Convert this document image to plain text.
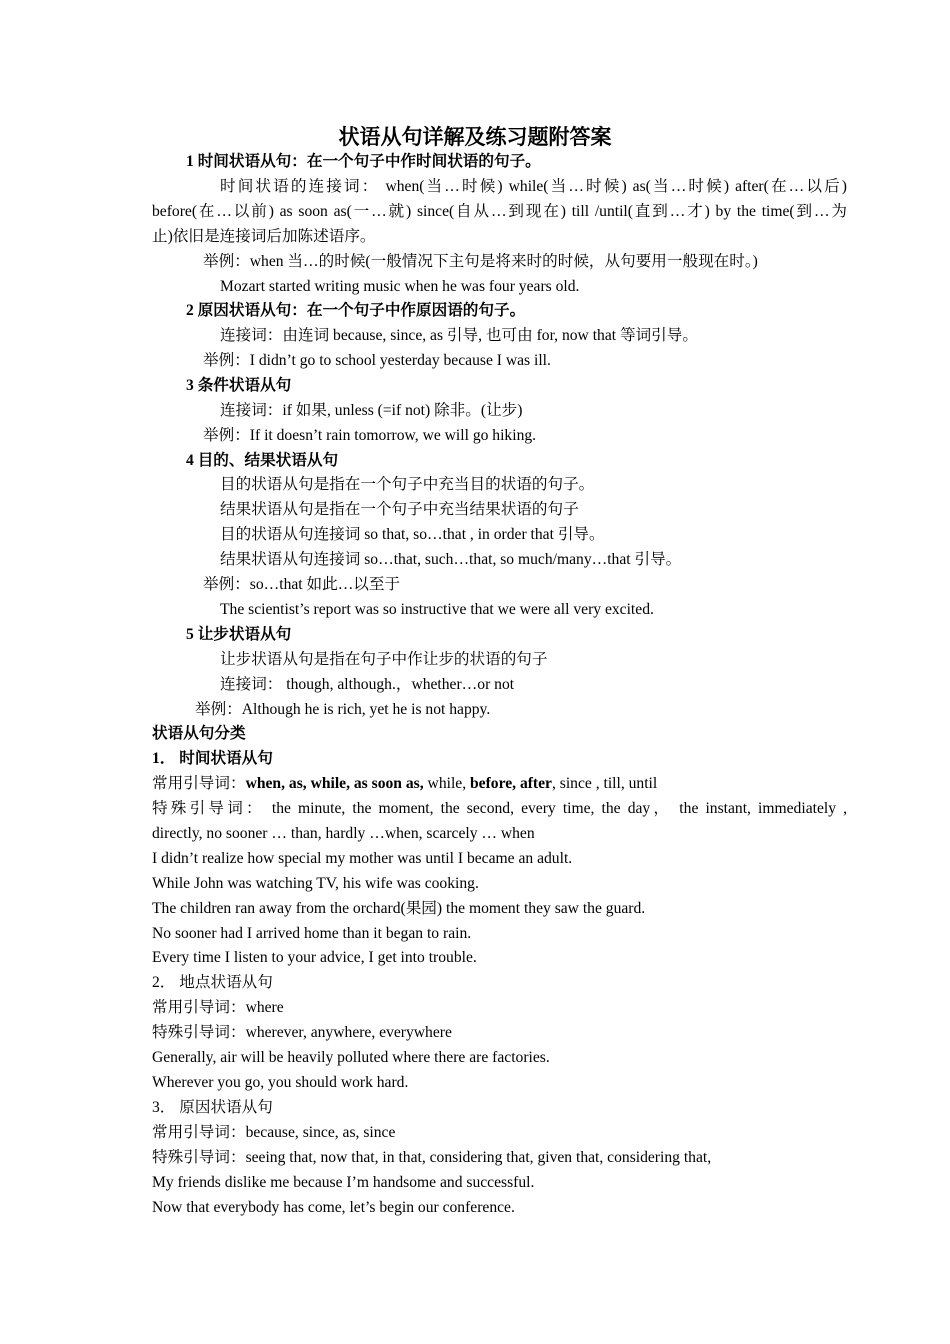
状语从句详解及练习题附答案
1 时间状语从句：在一个句子中作时间状语的句子。
时间状语的连接词： when(当…时候) while(当…时候) as(当…时候) after(在…以后)
before(在…以前) as soon as(一…就) since(自从…到现在) till /until(直到…才) by the time(到…为
止)依旧是连接词后加陈述语序。
举例：when 当…的时候(一般情况下主句是将来时的时候，从句要用一般现在时。)
Mozart started writing music when he was four years old.
2 原因状语从句：在一个句子中作原因语的句子。
连接词：由连词 because, since, as 引导, 也可由 for, now that 等词引导。
举例：I didn’t go to school yesterday because I was ill.
3 条件状语从句
连接词：if 如果, unless (=if not) 除非。(让步)
举例：If it doesn’t rain tomorrow, we will go hiking.
4 目的、结果状语从句
目的状语从句是指在一个句子中充当目的状语的句子。
结果状语从句是指在一个句子中充当结果状语的句子
目的状语从句连接词 so that, so…that , in order that 引导。
结果状语从句连接词 so…that, such…that, so much/many…that 引导。
举例：so…that 如此…以至于
The scientist’s report was so instructive that we were all very excited.
5 让步状语从句
让步状语从句是指在句子中作让步的状语的句子
连接词： though, although.，whether…or not
举例：Although he is rich, yet he is not happy.
状语从句分类
1． 时间状语从句
常用引导词：when, as, while, as soon as, while, before, after, since , till, until
特殊引导词： the minute, the moment, the second, every time, the day， the instant, immediately ,
directly, no sooner … than, hardly …when, scarcely … when
I didn’t realize how special my mother was until I became an adult.
While John was watching TV, his wife was cooking.
The children ran away from the orchard(果园) the moment they saw the guard.
No sooner had I arrived home than it began to rain.
Every time I listen to your advice, I get into trouble.
2． 地点状语从句
常用引导词：where
特殊引导词：wherever, anywhere, everywhere
Generally, air will be heavily polluted where there are factories.
Wherever you go, you should work hard.
3． 原因状语从句
常用引导词：because, since, as, since
特殊引导词：seeing that, now that, in that, considering that, given that, considering that,
My friends dislike me because I’m handsome and successful.
Now that everybody has come, let’s begin our conference.
